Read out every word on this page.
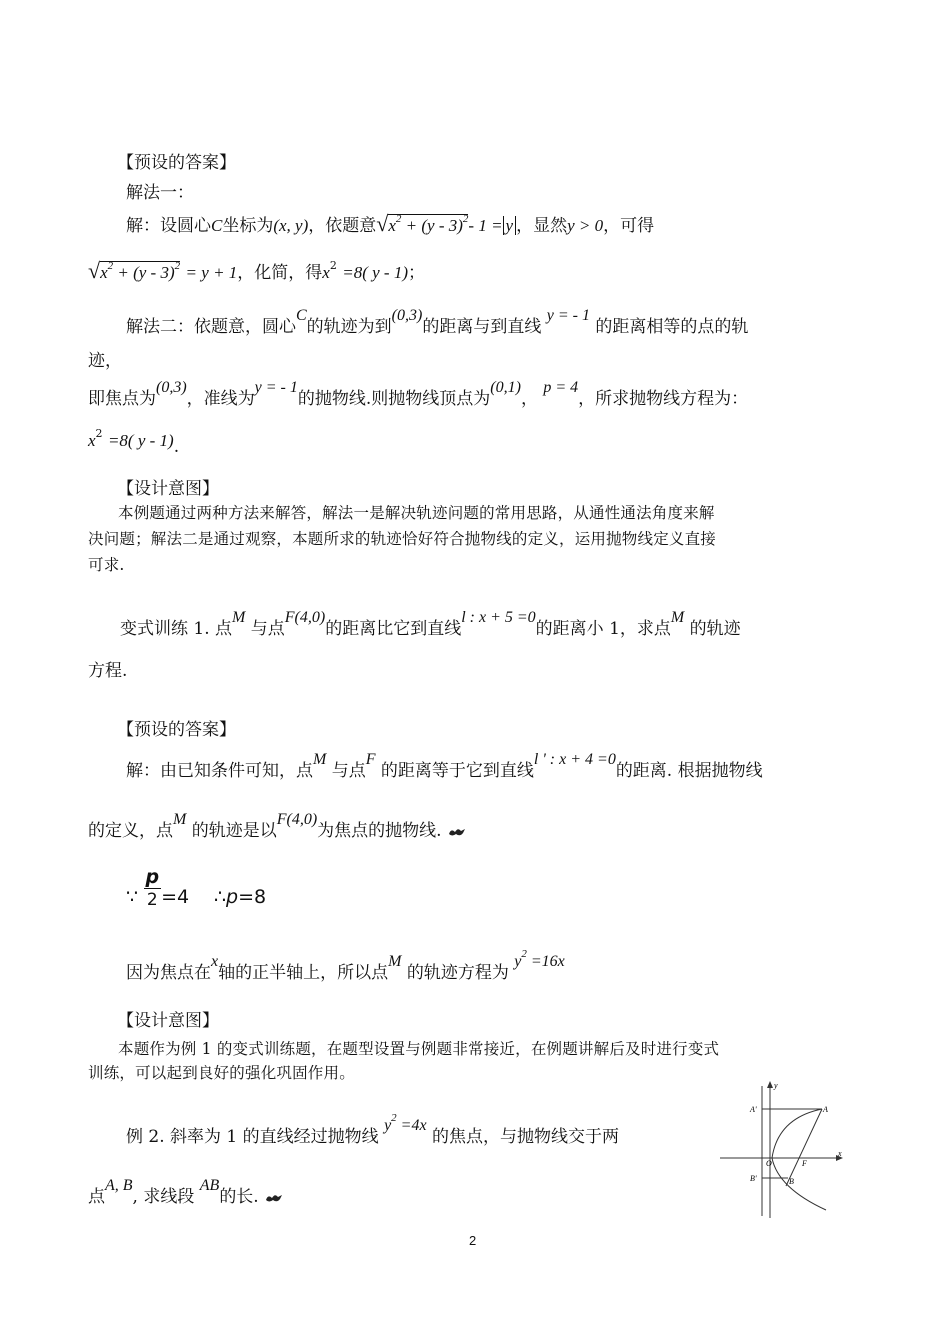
【预设的答案】
解法一：
解：设圆心C坐标为(x, y)，依题意$√x^2 + (y - 3)^2-$ 1 = y ，显然y > 0，可得
$√x^2 + (y - 3)^2 = y + 1$，化简，得$x^2 =8$( y - 1)；
解法二：依题意，圆心C的轨迹为到(0,3)的距离与到直线 y = - 1 的距离相等的点的轨
迹，
即焦点为(0,3)，准线为y = - 1的抛物线.则抛物线顶点为(0,1)， p = 4，所求抛物线方程为：
$x^2 =8$( y - 1).
【设计意图】
本例题通过两种方法来解答，解法一是解决轨迹问题的常用思路，从通性通法角度来解
决问题；解法二是通过观察，本题所求的轨迹恰好符合抛物线的定义，运用抛物线定义直接
可求.
变式训练 1. 点M 与点F(4,0)的距离比它到直线l : x + 5 =0的距离小 1，求点M 的轨迹
方程.
【预设的答案】
解：由已知条件可知，点M 与点F 的距离等于它到直线l ' : x + 4 =0的距离. 根据抛物线
的定义，点M 的轨迹是以F(4,0)为焦点的抛物线.
∵ $\frac{p}{2} =4$ ∴p=8
因为焦点在x轴的正半轴上，所以点M 的轨迹方程为 $y^2 =16x$
【设计意图】
本题作为例 1 的变式训练题，在题型设置与例题非常接近，在例题讲解后及时进行变式
训练，可以起到良好的强化巩固作用。
例 2. 斜率为 1 的直线经过抛物线 $y^2 =4x$ 的焦点，与抛物线交于两
点A, B, 求线段 AB的长.
y
x
A'	A
O	F
B'	B
2
